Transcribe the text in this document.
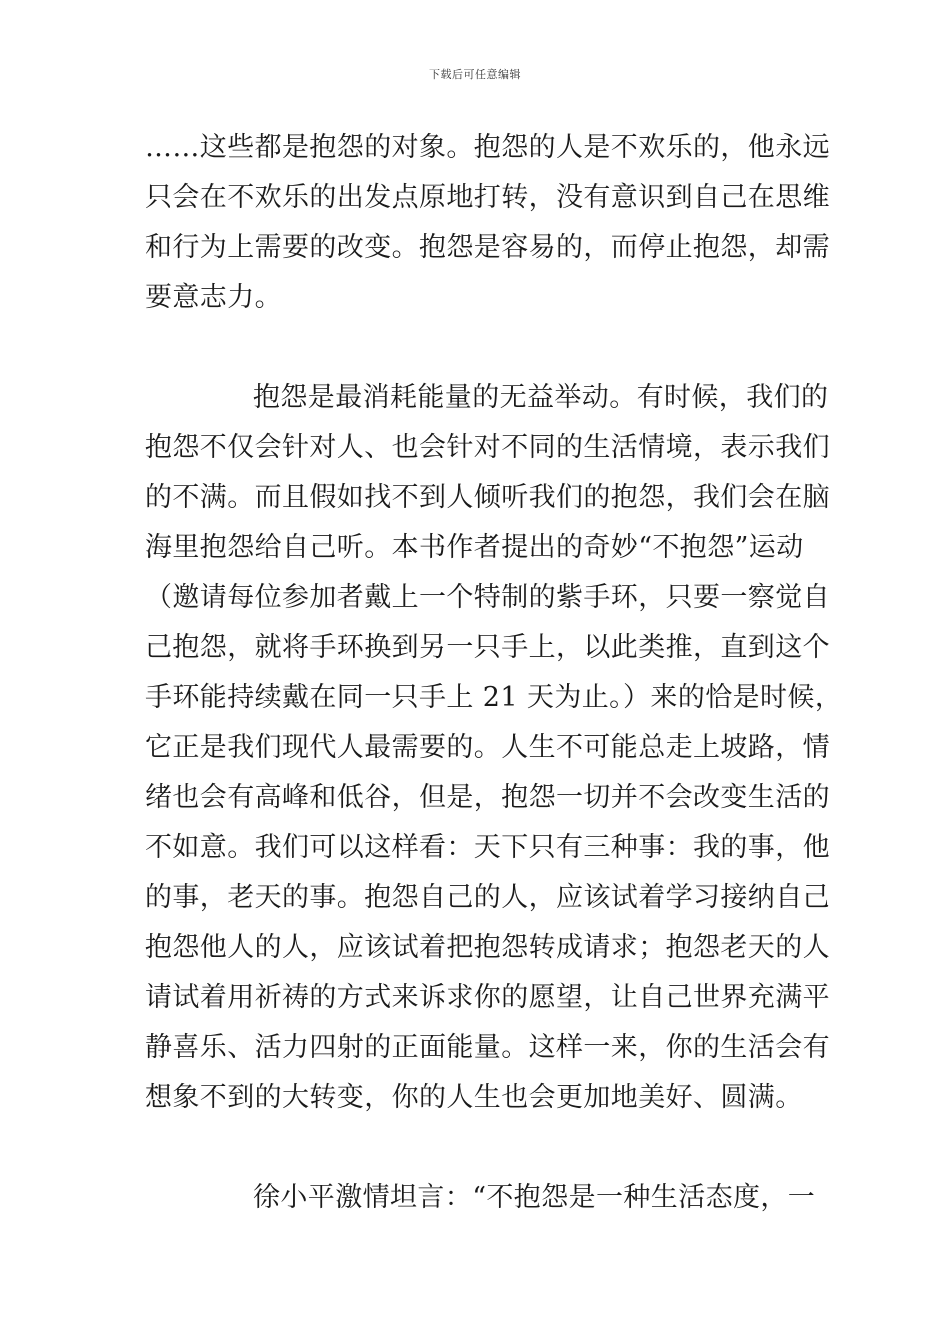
下载后可任意编辑
……这些都是抱怨的对象。抱怨的人是不欢乐的，他永远
只会在不欢乐的出发点原地打转，没有意识到自己在思维
和行为上需要的改变。抱怨是容易的，而停止抱怨，却需
要意志力。
抱怨是最消耗能量的无益举动。有时候，我们的
抱怨不仅会针对人、也会针对不同的生活情境，表示我们
的不满。而且假如找不到人倾听我们的抱怨，我们会在脑
海里抱怨给自己听。本书作者提出的奇妙“不抱怨”运动
（邀请每位参加者戴上一个特制的紫手环，只要一察觉自
己抱怨，就将手环换到另一只手上，以此类推，直到这个
手环能持续戴在同一只手上 21 天为止。）来的恰是时候，
它正是我们现代人最需要的。人生不可能总走上坡路，情
绪也会有高峰和低谷，但是，抱怨一切并不会改变生活的
不如意。我们可以这样看：天下只有三种事：我的事，他
的事，老天的事。抱怨自己的人，应该试着学习接纳自己
抱怨他人的人，应该试着把抱怨转成请求；抱怨老天的人
请试着用祈祷的方式来诉求你的愿望，让自己世界充满平
静喜乐、活力四射的正面能量。这样一来，你的生活会有
想象不到的大转变，你的人生也会更加地美好、圆满。
徐小平激情坦言：“不抱怨是一种生活态度，一
